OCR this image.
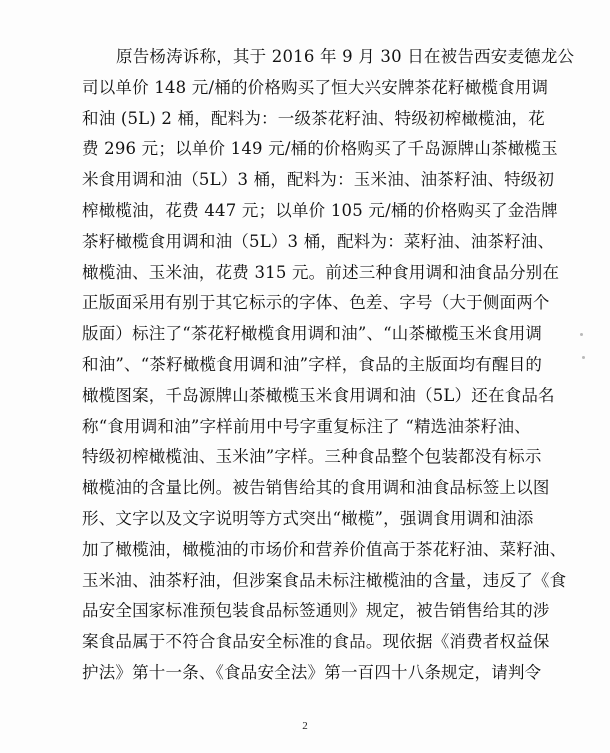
原告杨涛诉称，其于 2016 年 9 月 30 日在被告西安麦德龙公
司以单价 148 元/桶的价格购买了恒大兴安牌茶花籽橄榄食用调
和油 (5L) 2 桶，配料为：一级茶花籽油、特级初榨橄榄油，花
费 296 元；以单价 149 元/桶的价格购买了千岛源牌山茶橄榄玉
米食用调和油（5L）3 桶，配料为：玉米油、油茶籽油、特级初
榨橄榄油，花费 447 元；以单价 105 元/桶的价格购买了金浩牌
茶籽橄榄食用调和油（5L）3 桶，配料为：菜籽油、油茶籽油、
橄榄油、玉米油，花费 315 元。前述三种食用调和油食品分别在
正版面采用有别于其它标示的字体、色差、字号（大于侧面两个
版面）标注了“茶花籽橄榄食用调和油”、“山茶橄榄玉米食用调
和油”、“茶籽橄榄食用调和油”字样，食品的主版面均有醒目的
橄榄图案，千岛源牌山茶橄榄玉米食用调和油（5L）还在食品名
称“食用调和油”字样前用中号字重复标注了 “精选油茶籽油、
特级初榨橄榄油、玉米油”字样。三种食品整个包装都没有标示
橄榄油的含量比例。被告销售给其的食用调和油食品标签上以图
形、文字以及文字说明等方式突出“橄榄”，强调食用调和油添
加了橄榄油，橄榄油的市场价和营养价值高于茶花籽油、菜籽油、
玉米油、油茶籽油，但涉案食品未标注橄榄油的含量，违反了《食
品安全国家标准预包装食品标签通则》规定，被告销售给其的涉
案食品属于不符合食品安全标准的食品。现依据《消费者权益保
护法》第十一条、《食品安全法》第一百四十八条规定，请判令
2
